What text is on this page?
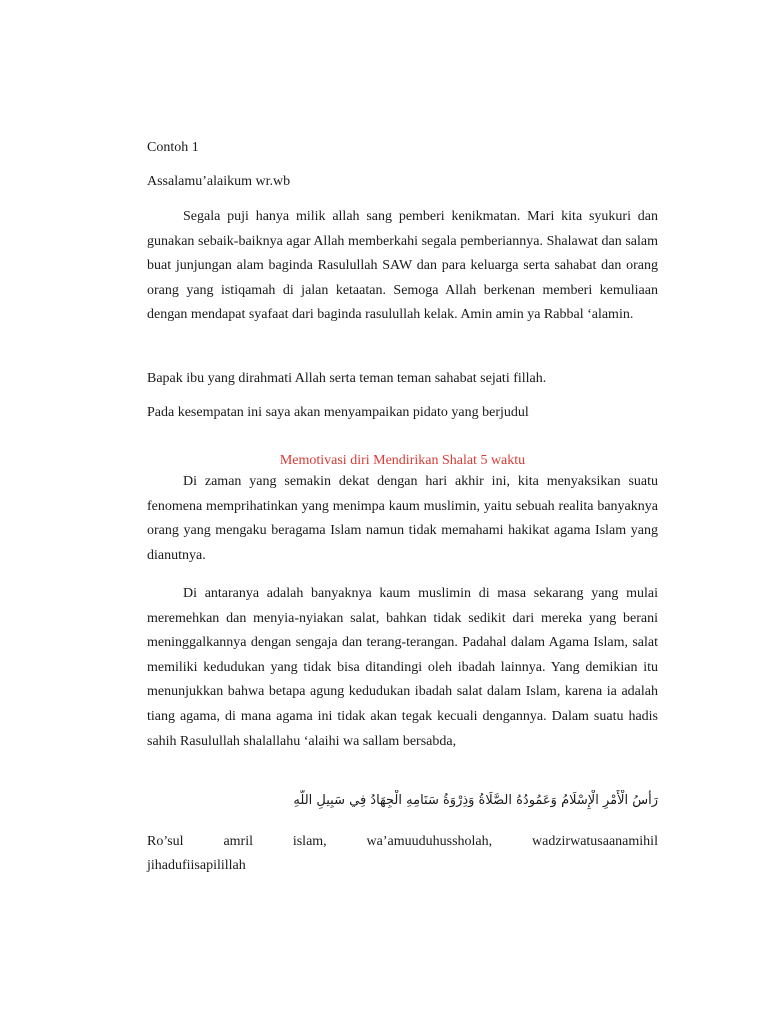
Contoh 1

Assalamu’alaikum wr.wb

Segala puji hanya milik allah sang pemberi kenikmatan. Mari kita syukuri dan gunakan sebaik-baiknya agar Allah memberkahi segala pemberiannya. Shalawat dan salam buat junjungan alam baginda Rasulullah SAW dan para keluarga serta sahabat dan orang orang yang istiqamah di jalan ketaatan. Semoga Allah berkenan memberi kemuliaan dengan mendapat syafaat dari baginda rasulullah kelak. Amin amin ya Rabbal ‘alamin.

Bapak ibu yang dirahmati Allah serta teman teman sahabat sejati fillah.

Pada kesempatan ini saya akan menyampaikan pidato yang berjudul

Memotivasi diri Mendirikan Shalat 5 waktu

Di zaman yang semakin dekat dengan hari akhir ini, kita menyaksikan suatu fenomena memprihatinkan yang menimpa kaum muslimin, yaitu sebuah realita banyaknya orang yang mengaku beragama Islam namun tidak memahami hakikat agama Islam yang dianutnya.

Di antaranya adalah banyaknya kaum muslimin di masa sekarang yang mulai meremehkan dan menyia-nyiakan salat, bahkan tidak sedikit dari mereka yang berani meninggalkannya dengan sengaja dan terang-terangan. Padahal dalam Agama Islam, salat memiliki kedudukan yang tidak bisa ditandingi oleh ibadah lainnya. Yang demikian itu menunjukkan bahwa betapa agung kedudukan ibadah salat dalam Islam, karena ia adalah tiang agama, di mana agama ini tidak akan tegak kecuali dengannya. Dalam suatu hadis sahih Rasulullah shalallahu ‘alaihi wa sallam bersabda,

رَأْسُ الْأَمْرِ الْإِسْلَامُ وَعَمُودُهُ الصَّلَاةُ وَذِرْوَةُ سَنَامِهِ الْجِهَادُ فِي سَبِيلِ اللَّهِ
Ro’sul	amril	islam,	wa’amuuduhussholah,	wadzirwatusaanamihil
jihadufiisapilillah
